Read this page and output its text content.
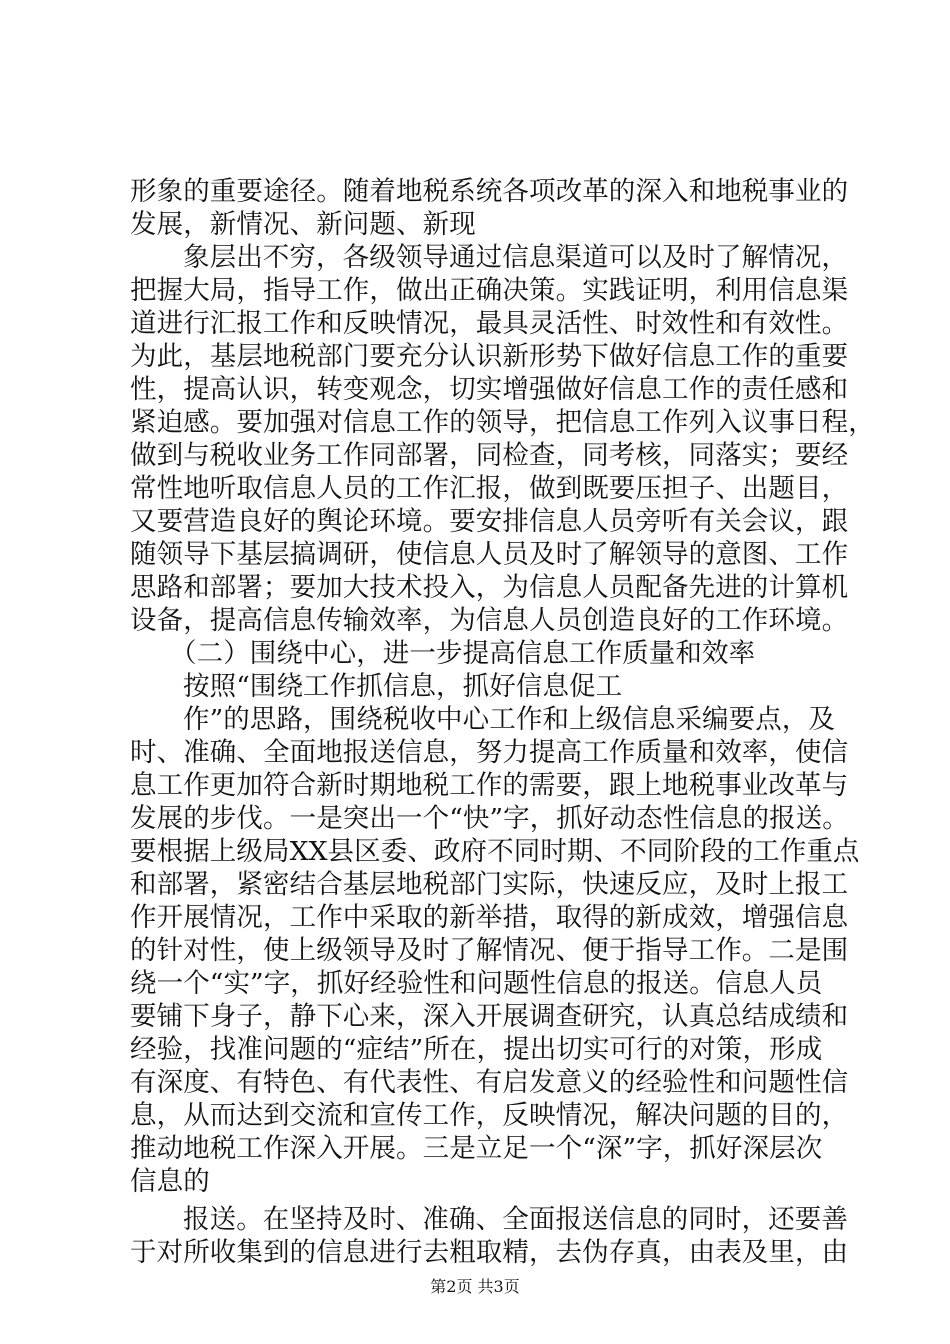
形象的重要途径。随着地税系统各项改革的深入和地税事业的
发展，新情况、新问题、新现
象层出不穷，各级领导通过信息渠道可以及时了解情况，
把握大局，指导工作，做出正确决策。实践证明，利用信息渠
道进行汇报工作和反映情况，最具灵活性、时效性和有效性。
为此，基层地税部门要充分认识新形势下做好信息工作的重要
性，提高认识，转变观念，切实增强做好信息工作的责任感和
紧迫感。要加强对信息工作的领导，把信息工作列入议事日程，
做到与税收业务工作同部署，同检查，同考核，同落实；要经
常性地听取信息人员的工作汇报，做到既要压担子、出题目，
又要营造良好的舆论环境。要安排信息人员旁听有关会议，跟
随领导下基层搞调研，使信息人员及时了解领导的意图、工作
思路和部署；要加大技术投入，为信息人员配备先进的计算机
设备，提高信息传输效率，为信息人员创造良好的工作环境。
（二）围绕中心，进一步提高信息工作质量和效率
按照“围绕工作抓信息，抓好信息促工
作”的思路，围绕税收中心工作和上级信息采编要点，及
时、准确、全面地报送信息，努力提高工作质量和效率，使信
息工作更加符合新时期地税工作的需要，跟上地税事业改革与
发展的步伐。一是突出一个“快”字，抓好动态性信息的报送。
要根据上级局XX县区委、政府不同时期、不同阶段的工作重点
和部署，紧密结合基层地税部门实际，快速反应，及时上报工
作开展情况，工作中采取的新举措，取得的新成效，增强信息
的针对性，使上级领导及时了解情况、便于指导工作。二是围
绕一个“实”字，抓好经验性和问题性信息的报送。信息人员
要铺下身子，静下心来，深入开展调查研究，认真总结成绩和
经验，找准问题的“症结”所在，提出切实可行的对策，形成
有深度、有特色、有代表性、有启发意义的经验性和问题性信
息，从而达到交流和宣传工作，反映情况，解决问题的目的，
推动地税工作深入开展。三是立足一个“深”字，抓好深层次
信息的
报送。在坚持及时、准确、全面报送信息的同时，还要善
于对所收集到的信息进行去粗取精，去伪存真，由表及里，由
第2页 共3页
